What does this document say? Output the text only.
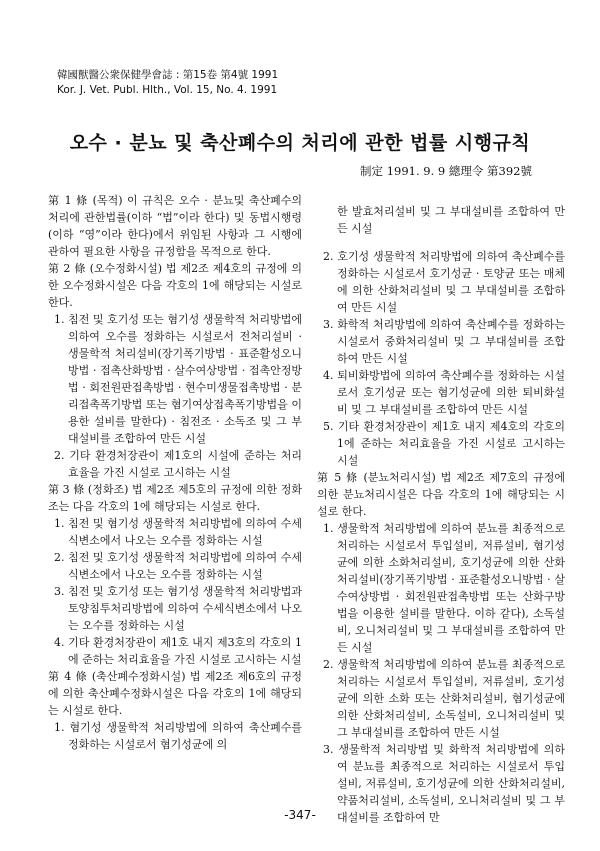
韓國獸醫公衆保健學會誌 : 第15卷 第4號 1991
Kor. J. Vet. Publ. Hlth., Vol. 15, No. 4. 1991
오수 · 분뇨 및 축산폐수의 처리에 관한 법률 시행규칙
制定 1991. 9. 9 總理令 第392號

第 1 條 (목적) 이 규칙은 오수 · 분뇨및 축산폐수의 처리에 관한법률(이하 “법”이라 한다) 및 동법시행령(이하 “영”이라 한다)에서 위임된 사항과 그 시행에 관하여 필요한 사항을 규정함을 목적으로 한다.

第 2 條 (오수정화시설) 법 제2조 제4호의 규정에 의한 오수정화시설은 다음 각호의 1에 해당되는 시설로 한다.

1. 침전 및 호기성 또는 혐기성 생물학적 처리방법에 의하여 오수를 정화하는 시설로서 전처리설비 · 생물학적 처리설비(장기폭기방법 · 표준활성오니방법 · 접촉산화방법 · 살수여상방법 · 접촉안정방법 · 회전원판접촉방법 · 현수미생물접촉방법 · 분리접촉폭기방법 또는 혐기여상접촉폭기방법을 이용한 설비를 말한다) · 침전조 · 소독조 및 그 부대설비를 조합하여 만든 시설

2. 기타 환경처장관이 제1호의 시설에 준하는 처리효율을 가진 시설로 고시하는 시설

第 3 條 (정화조) 법 제2조 제5호의 규정에 의한 정화조는 다음 각호의 1에 해당되는 시설로 한다.

1. 침전 및 혐기성 생물학적 처리방법에 의하여 수세식변소에서 나오는 오수를 정화하는 시설

2. 침전 및 호기성 생물학적 처리방법에 의하여 수세식변소에서 나오는 오수를 정화하는 시설

3. 침전 및 호기성 또는 혐기성 생물학적 처리방법과 토양침투처리방법에 의하여 수세식변소에서 나오는 오수를 정화하는 시설

4. 기타 환경처장관이 제1호 내지 제3호의 각호의 1에 준하는 처리효율을 가진 시설로 고시하는 시설

第 4 條 (축산폐수정화시설) 법 제2조 제6호의 규정에 의한 축산폐수정화시설은 다음 각호의 1에 해당되는 시설로 한다.

1. 혐기성 생물학적 처리방법에 의하여 축산폐수를 정화하는 시설로서 혐기성균에 의

한 발효처리설비 및 그 부대설비를 조합하여 만든 시설

2. 호기성 생물학적 처리방법에 의하여 축산폐수를 정화하는 시설로서 호기성균 · 토양균 또는 매체에 의한 산화처리설비 및 그 부대설비를 조합하여 만든 시설

3. 화학적 처리방법에 의하여 축산폐수를 정화하는 시설로서 중화처리설비 및 그 부대설비를 조합하여 만든 시설

4. 퇴비화방법에 의하여 축산폐수를 정화하는 시설로서 호기성균 또는 혐기성균에 의한 퇴비화설비 및 그 부대설비를 조합하여 만든 시설

5. 기타 환경처장관이 제1호 내지 제4호의 각호의 1에 준하는 처리효율을 가진 시설로 고시하는 시설

第 5 條 (분뇨처리시설) 법 제2조 제7호의 규정에 의한 분뇨처리시설은 다음 각호의 1에 해당되는 시설로 한다.

1. 생물학적 처리방법에 의하여 분뇨를 최종적으로 처리하는 시설로서 투입설비, 저류설비, 혐기성균에 의한 소화처리설비, 호기성균에 의한 산화처리설비(장기폭기방법 · 표준활성오니방법 · 살수여상방법 · 회전원판접촉방법 또는 산화구방법을 이용한 설비를 말한다. 이하 같다), 소독설비, 오니처리설비 및 그 부대설비를 조합하여 만든 시설

2. 생물학적 처리방법에 의하여 분뇨를 최종적으로 처리하는 시설로서 투입설비, 저류설비, 호기성균에 의한 소화 또는 산화처리설비, 혐기성균에 의한 산화처리설비, 소독설비, 오니처리설비 및 그 부대설비를 조합하여 만든 시설

3. 생물학적 처리방법 및 화학적 처리방법에 의하여 분뇨를 최종적으로 처리하는 시설로서 투입설비, 저류설비, 호기성균에 의한 산화처리설비, 약품처리설비, 소독설비, 오니처리설비 및 그 부대설비를 조합하여 만

-347-
